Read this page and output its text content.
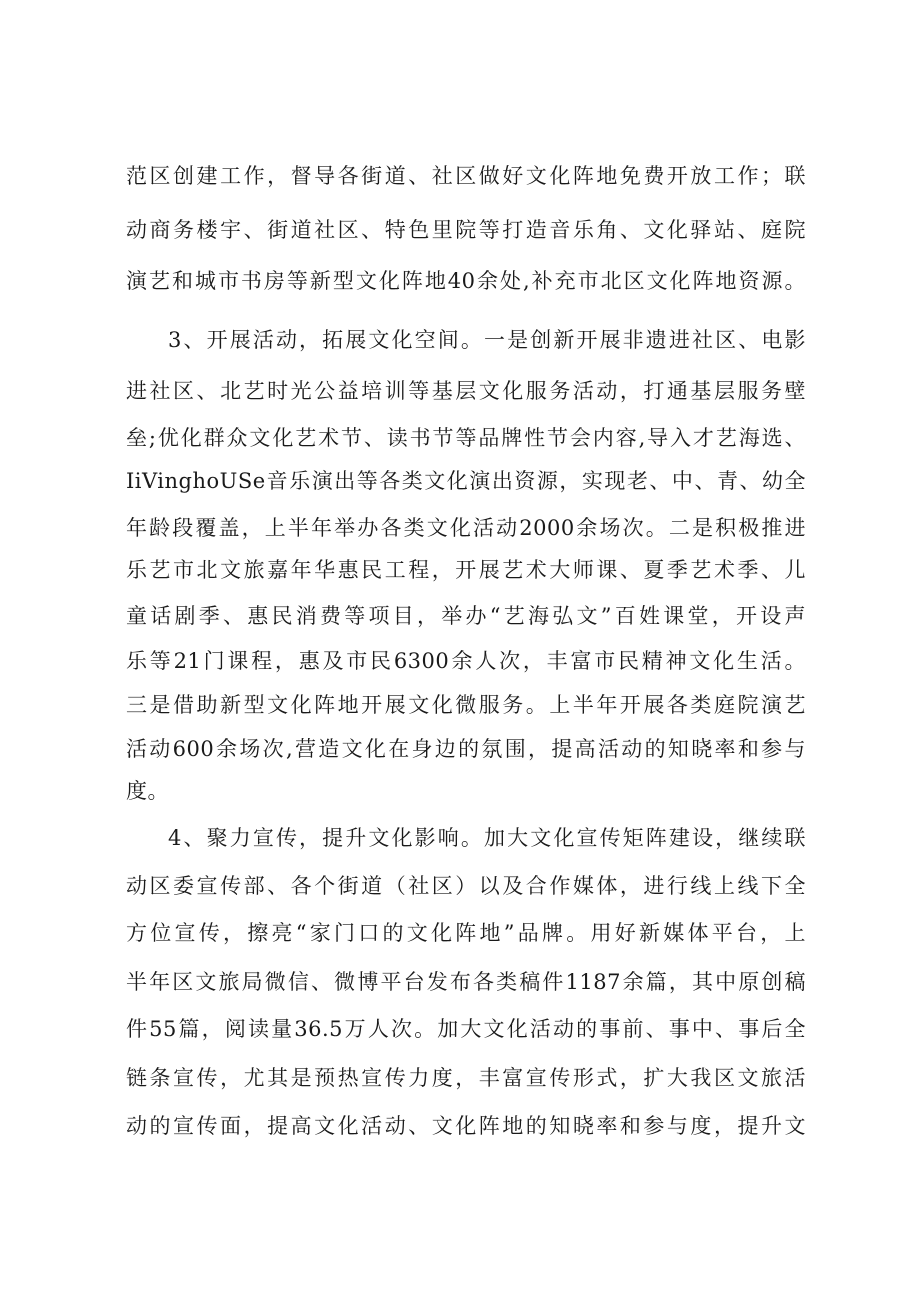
范区创建工作，督导各街道、社区做好文化阵地免费开放工作；联
动商务楼宇、街道社区、特色里院等打造音乐角、文化驿站、庭院
演艺和城市书房等新型文化阵地40余处,补充市北区文化阵地资源。
3、开展活动，拓展文化空间。一是创新开展非遗进社区、电影
进社区、北艺时光公益培训等基层文化服务活动，打通基层服务壁
垒;优化群众文化艺术节、读书节等品牌性节会内容,导入才艺海选、
IiVinghoUSe音乐演出等各类文化演出资源，实现老、中、青、幼全
年龄段覆盖，上半年举办各类文化活动2000余场次。二是积极推进
乐艺市北文旅嘉年华惠民工程，开展艺术大师课、夏季艺术季、儿
童话剧季、惠民消费等项目，举办“艺海弘文”百姓课堂，开设声
乐等21门课程，惠及市民6300余人次，丰富市民精神文化生活。
三是借助新型文化阵地开展文化微服务。上半年开展各类庭院演艺
活动600余场次,营造文化在身边的氛围，提高活动的知晓率和参与
度。
4、聚力宣传，提升文化影响。加大文化宣传矩阵建设，继续联
动区委宣传部、各个街道（社区）以及合作媒体，进行线上线下全
方位宣传，擦亮“家门口的文化阵地”品牌。用好新媒体平台，上
半年区文旅局微信、微博平台发布各类稿件1187余篇，其中原创稿
件55篇，阅读量36.5万人次。加大文化活动的事前、事中、事后全
链条宣传，尤其是预热宣传力度，丰富宣传形式，扩大我区文旅活
动的宣传面，提高文化活动、文化阵地的知晓率和参与度，提升文
